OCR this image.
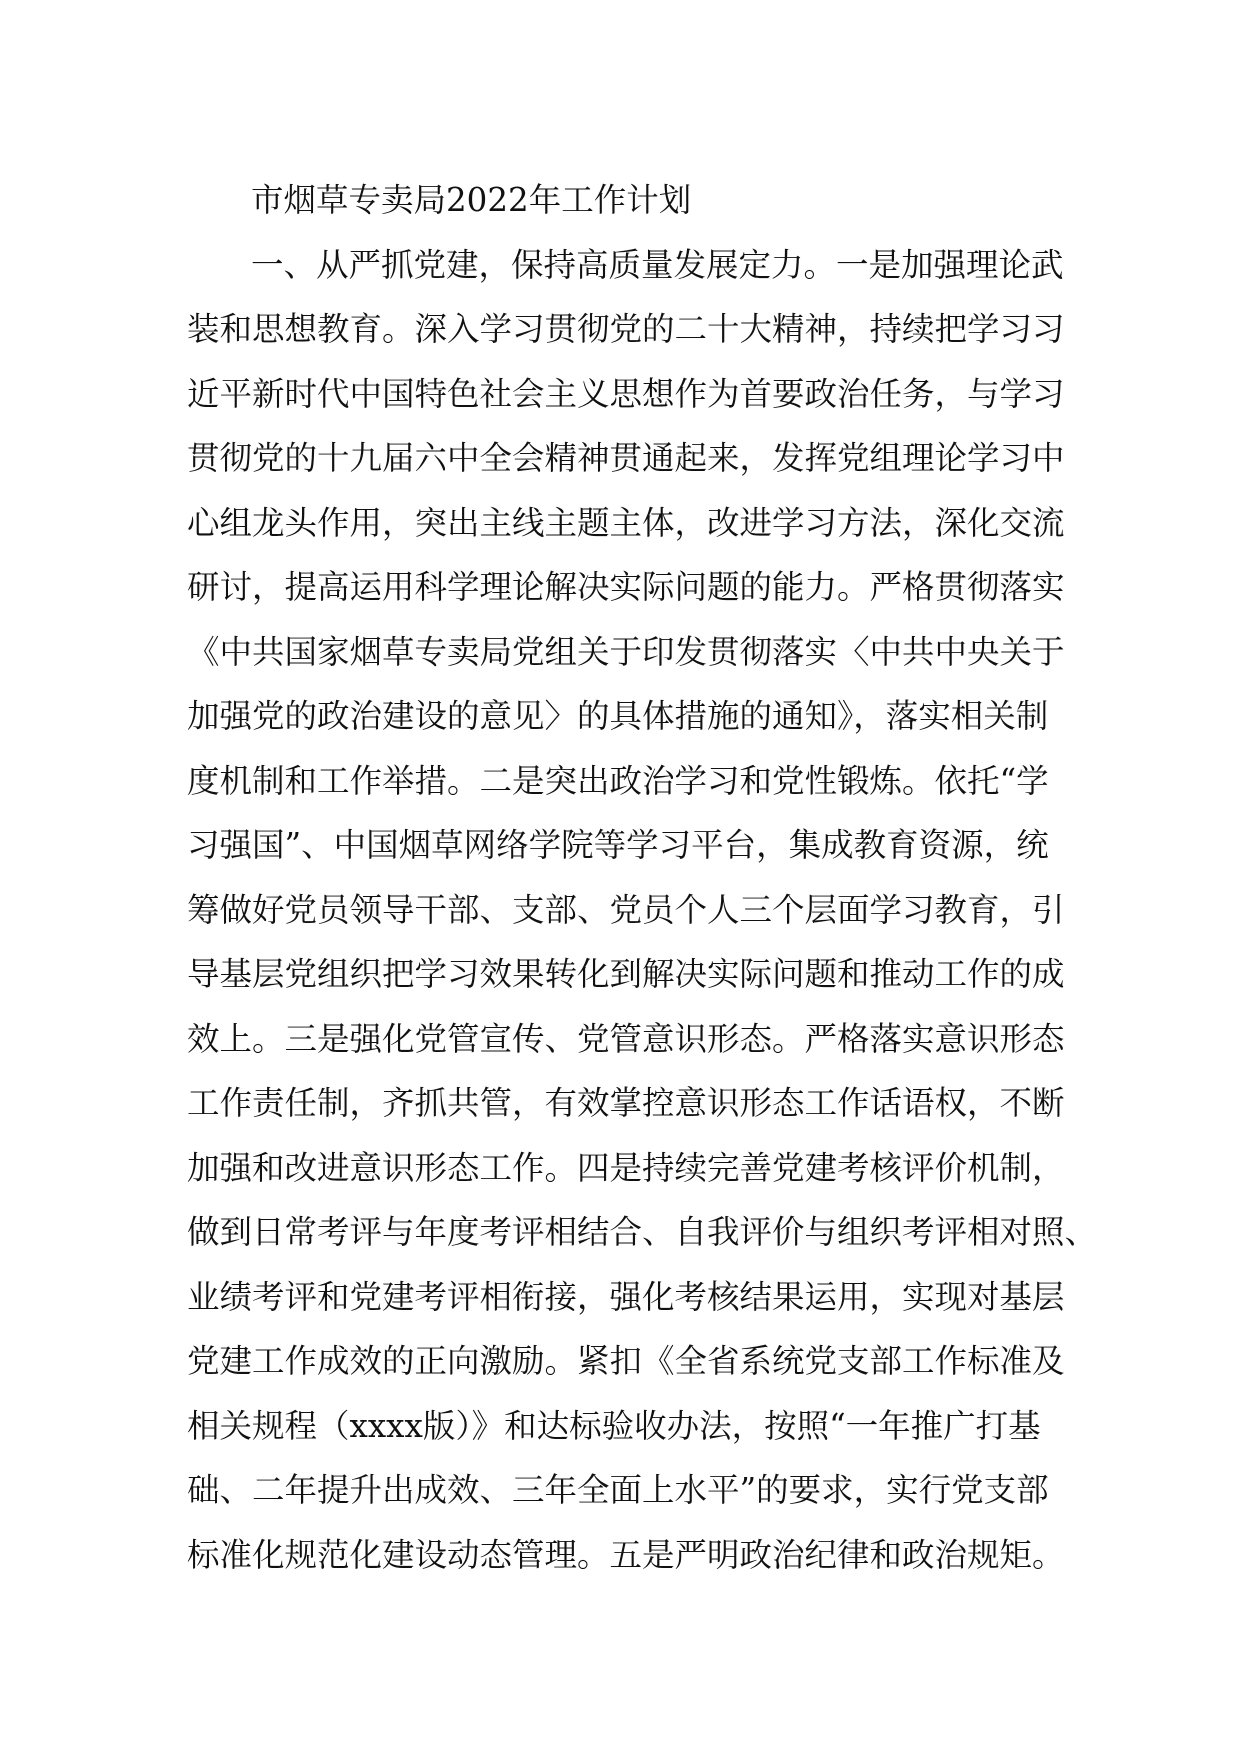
市烟草专卖局2022年工作计划
一、从严抓党建，保持高质量发展定力。一是加强理论武
装和思想教育。深入学习贯彻党的二十大精神，持续把学习习
近平新时代中国特色社会主义思想作为首要政治任务，与学习
贯彻党的十九届六中全会精神贯通起来，发挥党组理论学习中
心组龙头作用，突出主线主题主体，改进学习方法，深化交流
研讨，提高运用科学理论解决实际问题的能力。严格贯彻落实
《中共国家烟草专卖局党组关于印发贯彻落实〈中共中央关于
加强党的政治建设的意见〉的具体措施的通知》，落实相关制
度机制和工作举措。二是突出政治学习和党性锻炼。依托“学
习强国”、中国烟草网络学院等学习平台，集成教育资源，统
筹做好党员领导干部、支部、党员个人三个层面学习教育，引
导基层党组织把学习效果转化到解决实际问题和推动工作的成
效上。三是强化党管宣传、党管意识形态。严格落实意识形态
工作责任制，齐抓共管，有效掌控意识形态工作话语权，不断
加强和改进意识形态工作。四是持续完善党建考核评价机制，
做到日常考评与年度考评相结合、自我评价与组织考评相对照、
业绩考评和党建考评相衔接，强化考核结果运用，实现对基层
党建工作成效的正向激励。紧扣《全省系统党支部工作标准及
相关规程（xxxx版）》和达标验收办法，按照“一年推广打基
础、二年提升出成效、三年全面上水平”的要求，实行党支部
标准化规范化建设动态管理。五是严明政治纪律和政治规矩。
